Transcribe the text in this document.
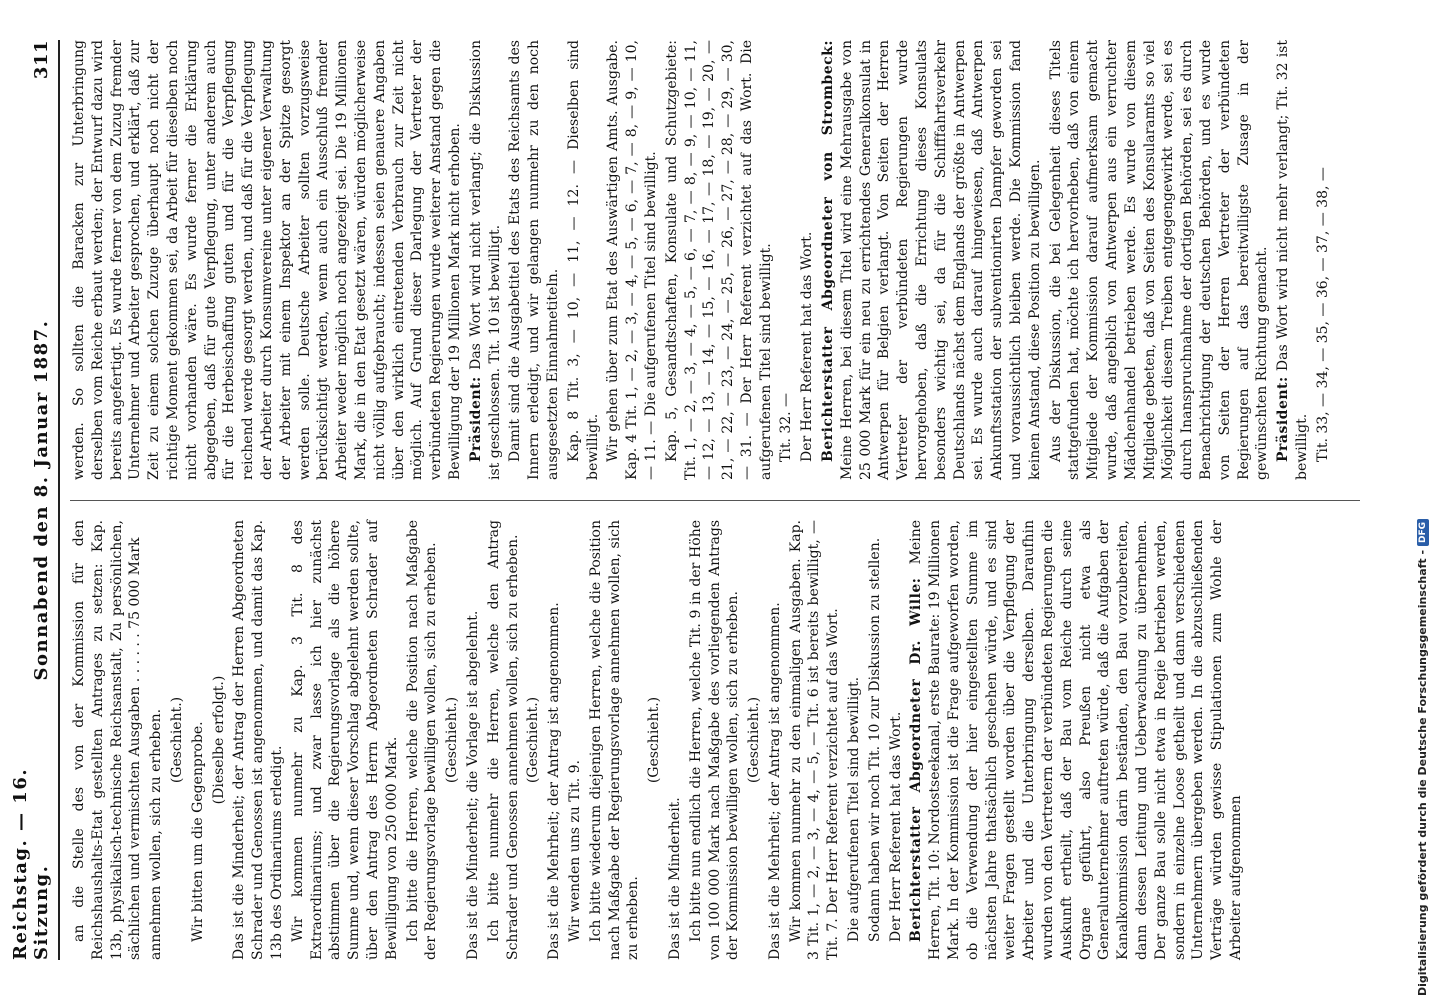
Reichstag. — 16. Sitzung.
Sonnabend den 8. Januar 1887.
311

an die Stelle des von der Kommission für den Reichshaushalts-Etat gestellten Antrages zu setzen: Kap. 13b, physikalisch-technische Reichsanstalt, Zu persönlichen, sächlichen und vermischten Ausgaben . . . . . . 75 000 Mark annehmen wollen, sich zu erheben. (Geschieht.) Wir bitten um die Gegenprobe. (Dieselbe erfolgt.) Das ist die Minderheit; der Antrag der Herren Abgeordneten Schrader und Genossen ist angenommen, und damit das Kap. 13b des Ordinariums erledigt. Wir kommen nunmehr zu Kap. 3 Tit. 8 des Extraordinariums; und zwar lasse ich hier zunächst abstimmen über die Regierungsvorlage als die höhere Summe und, wenn dieser Vorschlag abgelehnt werden sollte, über den Antrag des Herrn Abgeordneten Schrader auf Bewilligung von 250 000 Mark. Ich bitte die Herren, welche die Position nach Maßgabe der Regierungsvorlage bewilligen wollen, sich zu erheben. (Geschieht.) Das ist die Minderheit; die Vorlage ist abgelehnt. Ich bitte nunmehr die Herren, welche den Antrag Schrader und Genossen annehmen wollen, sich zu erheben. (Geschieht.) Das ist die Mehrheit; der Antrag ist angenommen. Wir wenden uns zu Tit. 9. Ich bitte wiederum diejenigen Herren, welche die Position nach Maßgabe der Regierungsvorlage annehmen wollen, sich zu erheben.

(Geschieht.)

Das ist die Minderheit. Ich bitte nun endlich die Herren, welche Tit. 9 in der Höhe von 100 000 Mark nach Maßgabe des vorliegenden Antrags der Kommission bewilligen wollen, sich zu erheben. (Geschieht.) Das ist die Mehrheit; der Antrag ist angenommen. Wir kommen nunmehr zu den einmaligen Ausgaben. Kap. 3 Tit. 1, — 2, — 3, — 4, — 5, — Tit. 6 ist bereits bewilligt, — Tit. 7. Der Herr Referent verzichtet auf das Wort. Die aufgerufenen Titel sind bewilligt. Sodann haben wir noch Tit. 10 zur Diskussion zu stellen. Der Herr Referent hat das Wort. Berichterstatter Abgeordneter Dr. Wille: Meine Herren, Tit. 10: Nordostseekanal, erste Baurate: 19 Millionen Mark. In der Kommission ist die Frage aufgeworfen worden, ob die Verwendung der hier eingestellten Summe im nächsten Jahre thatsächlich geschehen würde, und es sind weiter Fragen gestellt worden über die Verpflegung der Arbeiter und die Unterbringung derselben. Daraufhin wurden von den Vertretern der verbündeten Regierungen die Auskunft ertheilt, daß der Bau vom Reiche durch seine Organe geführt, also Preußen nicht etwa als Generalunternehmer auftreten würde, daß die Aufgaben der Kanalkommission darin beständen, den Bau vorzubereiten, dann dessen Leitung und Ueberwachung zu übernehmen. Der ganze Bau solle nicht etwa in Regie betrieben werden, sondern in einzelne Loose getheilt und dann verschiedenen Unternehmern übergeben werden. In die abzuschließenden Verträge würden gewisse Stipulationen zum Wohle der Arbeiter aufgenommen

werden. So sollten die Baracken zur Unterbringung derselben vom Reiche erbaut werden; der Entwurf dazu wird bereits angefertigt. Es wurde ferner von dem Zuzug fremder Unternehmer und Arbeiter gesprochen, und erklärt, daß zur Zeit zu einem solchen Zuzuge überhaupt noch nicht der richtige Moment gekommen sei, da Arbeit für dieselben noch nicht vorhanden wäre. Es wurde ferner die Erklärung abgegeben, daß für gute Verpflegung, unter anderem auch für die Herbeischaffung guten und für die Verpflegung reichend werde gesorgt werden, und daß für die Verpflegung der Arbeiter durch Konsumvereine unter eigener Verwaltung der Arbeiter mit einem Inspektor an der Spitze gesorgt werden solle. Deutsche Arbeiter sollten vorzugsweise berücksichtigt werden, wenn auch ein Ausschluß fremder Arbeiter weder möglich noch angezeigt sei. Die 19 Millionen Mark, die in den Etat gesetzt wären, würden möglicherweise nicht völlig aufgebraucht; indessen seien genauere Angaben über den wirklich eintretenden Verbrauch zur Zeit nicht möglich. Auf Grund dieser Darlegung der Vertreter der verbündeten Regierungen wurde weiterer Anstand gegen die Bewilligung der 19 Millionen Mark nicht erhoben. Präsident: Das Wort wird nicht verlangt; die Diskussion ist geschlossen. Tit. 10 ist bewilligt. Damit sind die Ausgabetitel des Etats des Reichsamts des Innern erledigt, und wir gelangen nunmehr zu den noch ausgesetzten Einnahmetiteln. Kap. 8 Tit. 3, — 10, — 11, — 12. — Dieselben sind bewilligt. Wir gehen über zum Etat des Auswärtigen Amts. Ausgabe. Kap. 4 Tit. 1, — 2, — 3, — 4, — 5, — 6, — 7, — 8, — 9, — 10, — 11. — Die aufgerufenen Titel sind bewilligt. Kap. 5, Gesandtschaften, Konsulate und Schutzgebiete: Tit. 1, — 2, — 3, — 4, — 5, — 6, — 7, — 8, — 9, — 10, — 11, — 12, — 13, — 14, — 15, — 16, — 17, — 18, — 19, — 20, — 21, — 22, — 23, — 24, — 25, — 26, — 27, — 28, — 29, — 30, — 31. — Der Herr Referent verzichtet auf das Wort. Die aufgerufenen Titel sind bewilligt. Tit. 32. — Der Herr Referent hat das Wort. Berichterstatter Abgeordneter von Strombeck: Meine Herren, bei diesem Titel wird eine Mehrausgabe von 25 000 Mark für ein neu zu errichtendes Generalkonsulat in Antwerpen für Belgien verlangt. Von Seiten der Herren Vertreter der verbündeten Regierungen wurde hervorgehoben, daß die Errichtung dieses Konsulats besonders wichtig sei, da für die Schifffahrtsverkehr Deutschlands nächst dem Englands der größte in Antwerpen sei. Es wurde auch darauf hingewiesen, daß Antwerpen Ankunftsstation der subventionirten Dampfer geworden sei und voraussichtlich bleiben werde. Die Kommission fand keinen Anstand, diese Position zu bewilligen. Aus der Diskussion, die bei Gelegenheit dieses Titels stattgefunden hat, möchte ich hervorheben, daß von einem Mitgliede der Kommission darauf aufmerksam gemacht wurde, daß angeblich von Antwerpen aus ein verruchter Mädchenhandel betrieben werde. Es wurde von diesem Mitgliede gebeten, daß von Seiten des Konsularamts so viel Möglichkeit diesem Treiben entgegengewirkt werde, sei es durch Inanspruchnahme der dortigen Behörden, sei es durch Benachrichtigung der deutschen Behörden, und es wurde von Seiten der Herren Vertreter der verbündeten Regierungen auf das bereitwilligste Zusage in der gewünschten Richtung gemacht. Präsident: Das Wort wird nicht mehr verlangt; Tit. 32 ist bewilligt. Tit. 33, — 34, — 35, — 36, — 37, — 38, —

Digitalisierung gefördert durch die Deutsche Forschungsgemeinschaft -
DFG
